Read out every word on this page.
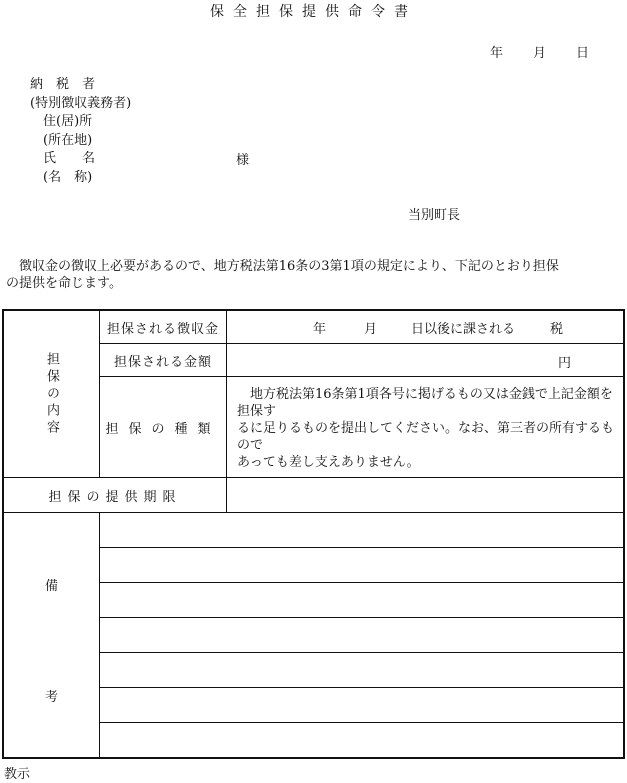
保全担保提供命令書
年 月 日
納　税　者
(特別徴収義務者)
　住(居)所
　(所在地)
　氏　　名
　(名　称)
様
当別町長

　徴収金の徴収上必要があるので、地方税法第16条の3第1項の規定により、下記のとおり担保

の提供を命じます。

担保の内容	担保される徴収金	年 月 日以後に課される 税

	担保される金額	円

	担保の種類	地方税法第16条第1項各号に掲げるもの又は金銭で上記金額を担保す

るに足りるものを提出してください。なお、第三者の所有するもので

あっても差し支えありません。

担保の提供期限		

備
考		

教示
